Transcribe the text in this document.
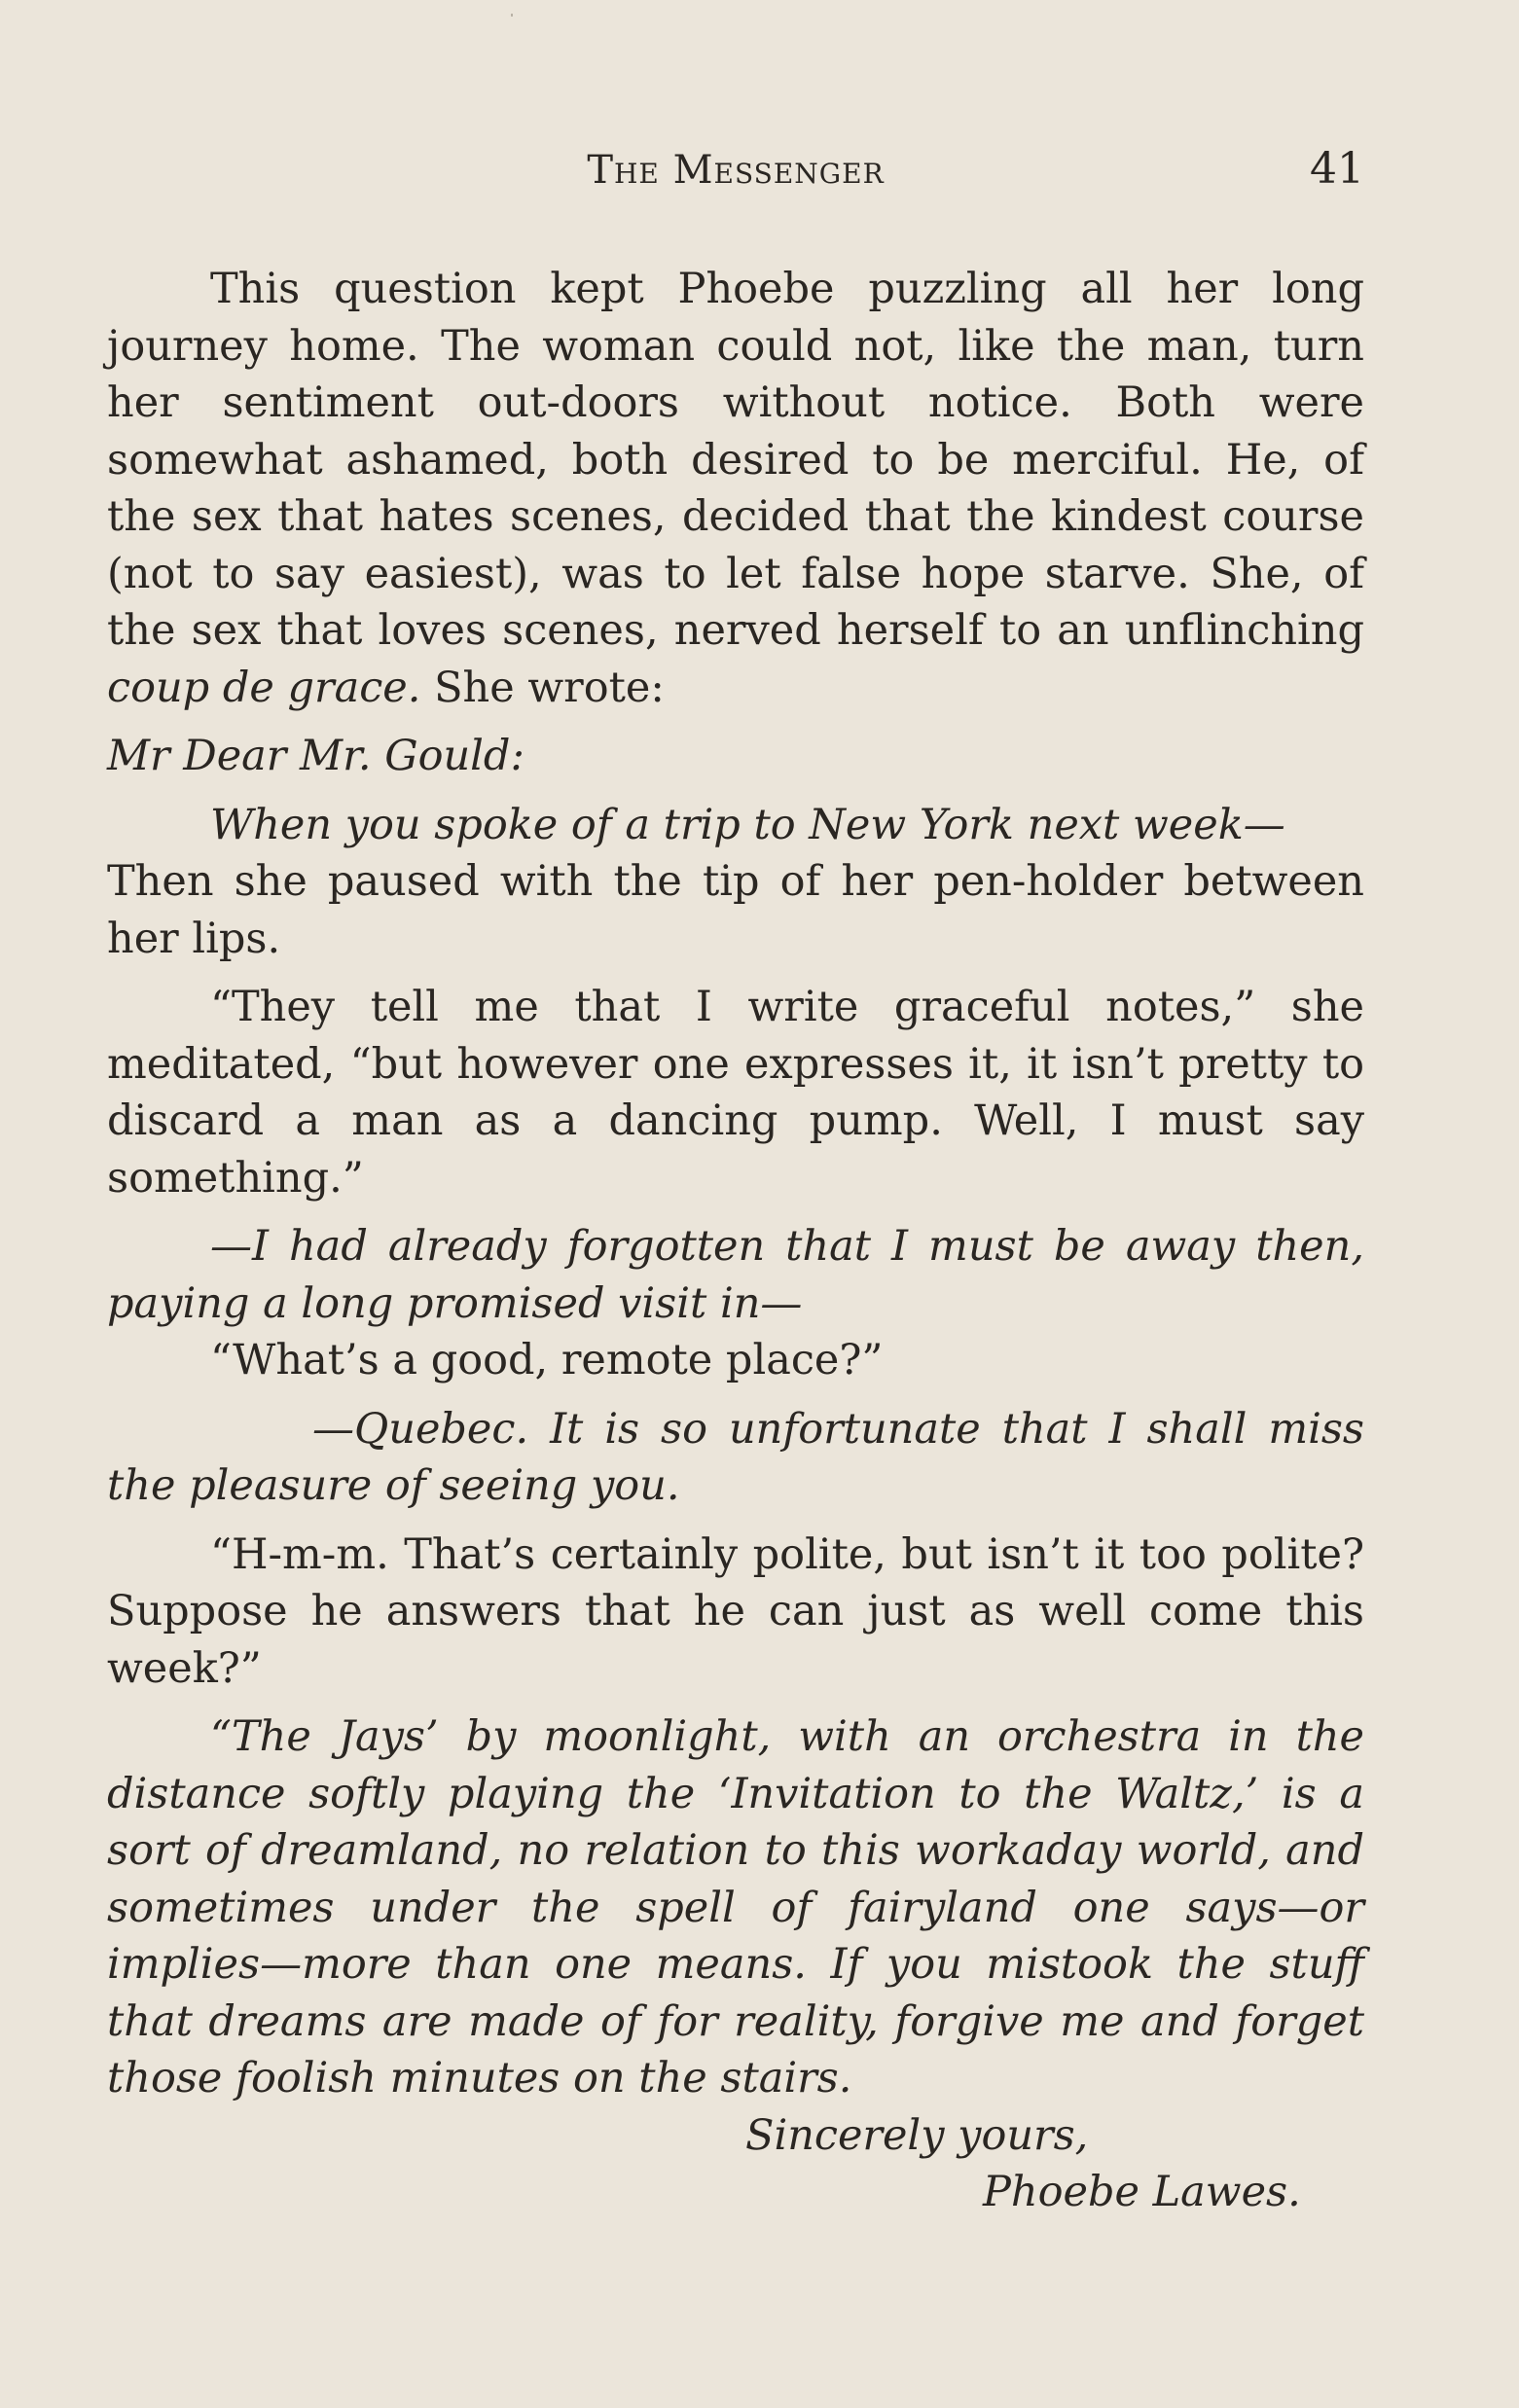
The Messenger	41

This question kept Phoebe puzzling all her long journey home. The woman could not, like the man, turn her sentiment out-doors without notice. Both were somewhat ashamed, both desired to be merciful. He, of the sex that hates scenes, decided that the kindest course (not to say easiest), was to let false hope starve. She, of the sex that loves scenes, nerved herself to an unflinching coup de grace. She wrote:

Mr Dear Mr. Gould:

When you spoke of a trip to New York next week—

Then she paused with the tip of her pen-holder between her lips.

“They tell me that I write graceful notes,” she meditated, “but however one expresses it, it isn’t pretty to discard a man as a dancing pump. Well, I must say something.”

—I had already forgotten that I must be away then, paying a long promised visit in—

“What’s a good, remote place?”

—Quebec. It is so unfortunate that I shall miss the pleasure of seeing you.

“H-m-m. That’s certainly polite, but isn’t it too polite? Suppose he answers that he can just as well come this week?”

“The Jays’ by moonlight, with an orchestra in the distance softly playing the ‘Invitation to the Waltz,’ is a sort of dreamland, no relation to this workaday world, and sometimes under the spell of fairyland one says—or implies—more than one means. If you mistook the stuff that dreams are made of for reality, forgive me and forget those foolish minutes on the stairs.

Sincerely yours,

Phoebe Lawes.
